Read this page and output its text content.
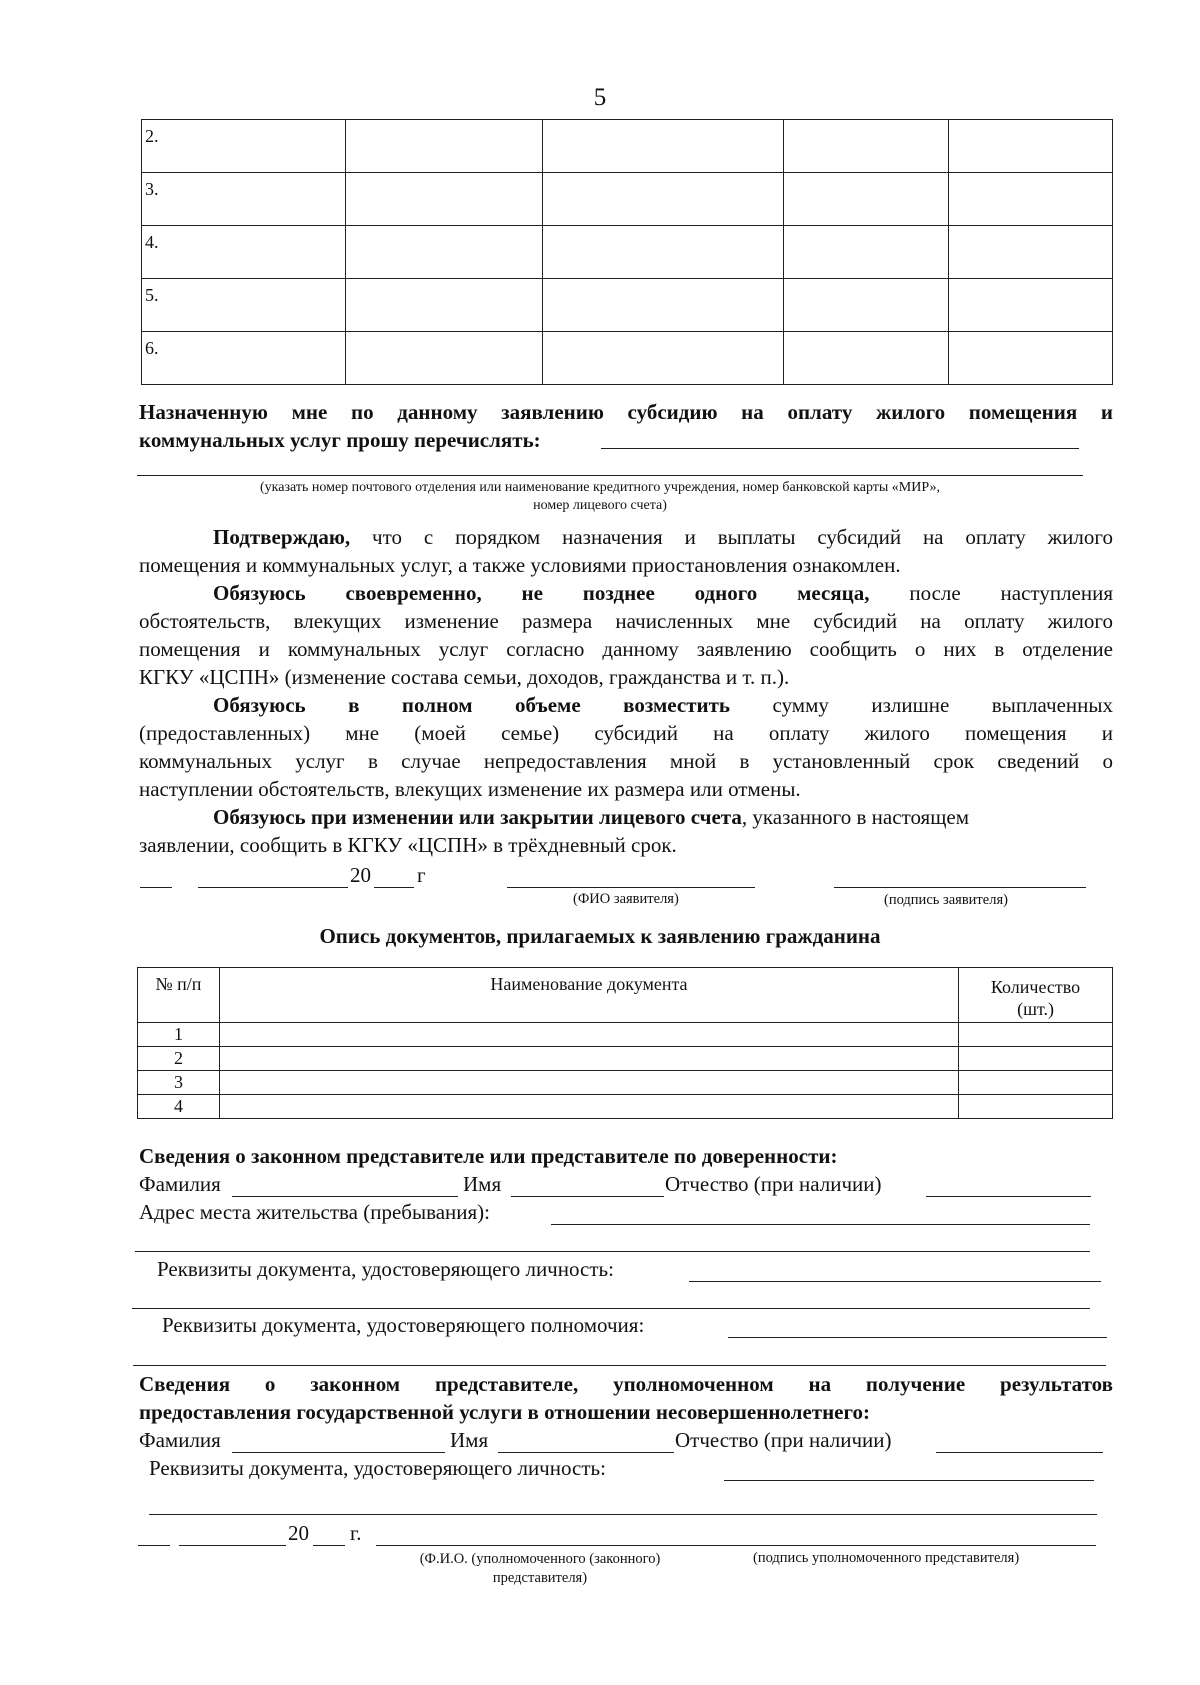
5
2.				
3.				
4.				
5.				
6.				
Назначенную мне по данному заявлению субсидию на оплату жилого помещения и
коммунальных услуг прошу перечислять:
(указать номер почтового отделения или наименование кредитного учреждения, номер банковской карты «МИР»,
номер лицевого счета)
Подтверждаю, что с порядком назначения и выплаты субсидий на оплату жилого
помещения и коммунальных услуг, а также условиями приостановления ознакомлен.
Обязуюсь своевременно, не позднее одного месяца, после наступления
обстоятельств, влекущих изменение размера начисленных мне субсидий на оплату жилого
помещения и коммунальных услуг согласно данному заявлению сообщить о них в отделение
КГКУ «ЦСПН» (изменение состава семьи, доходов, гражданства и т. п.).
Обязуюсь в полном объеме возместить сумму излишне выплаченных
(предоставленных) мне (моей семье) субсидий на оплату жилого помещения и
коммунальных услуг в случае непредоставления мной в установленный срок сведений о
наступлении обстоятельств, влекущих изменение их размера или отмены.
Обязуюсь при изменении или закрытии лицевого счета, указанного в настоящем
заявлении, сообщить в КГКУ «ЦСПН» в трёхдневный срок.
20 г
(ФИО заявителя)	(подпись заявителя)
Опись документов, прилагаемых к заявлению гражданина
№ п/п	Наименование документа	Количество
(шт.)

1		
2		
3		
4		
Сведения о законном представителе или представителе по доверенности:
Фамилия	Имя	Отчество (при наличии)
Адрес места жительства (пребывания):
Реквизиты документа, удостоверяющего личность:
Реквизиты документа, удостоверяющего полномочия:
Сведения о законном представителе, уполномоченном на получение результатов
предоставления государственной услуги в отношении несовершеннолетнего:
Фамилия	Имя	Отчество (при наличии)
Реквизиты документа, удостоверяющего личность:
20 г.
(Ф.И.О. (уполномоченного (законного)
представителя)
(подпись уполномоченного представителя)
